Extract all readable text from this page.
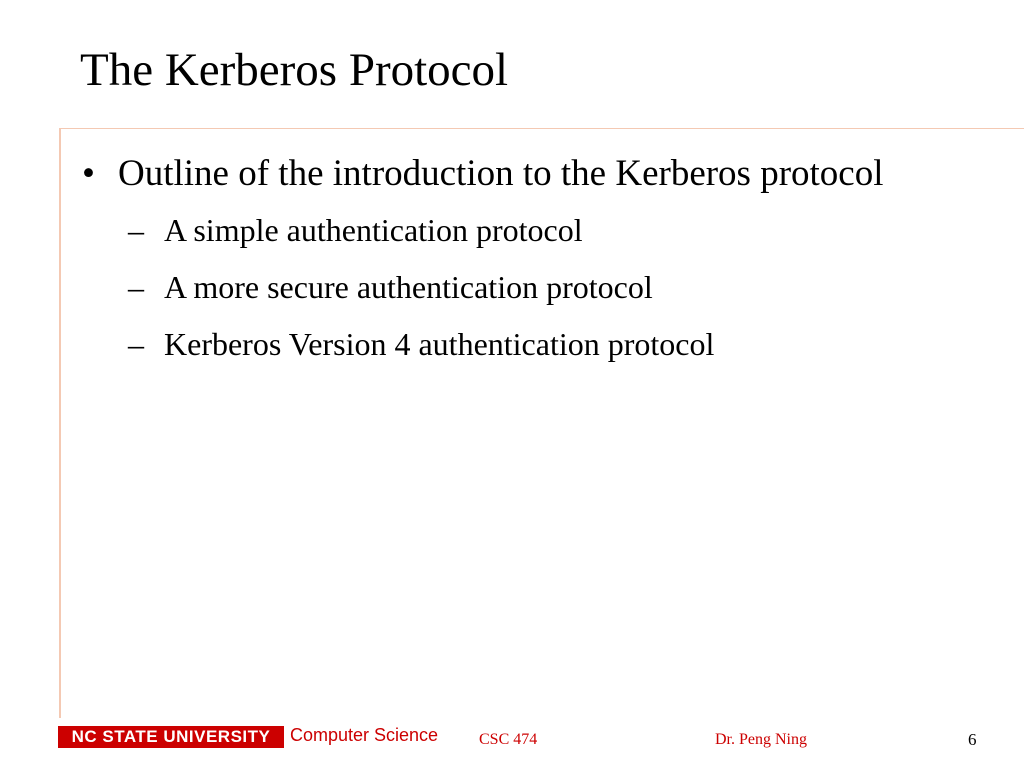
The Kerberos Protocol
• Outline of the introduction to the Kerberos protocol
– A simple authentication protocol
– A more secure authentication protocol
– Kerberos Version 4 authentication protocol
NC STATE UNIVERSITY Computer Science	CSC 474	Dr. Peng Ning	6
